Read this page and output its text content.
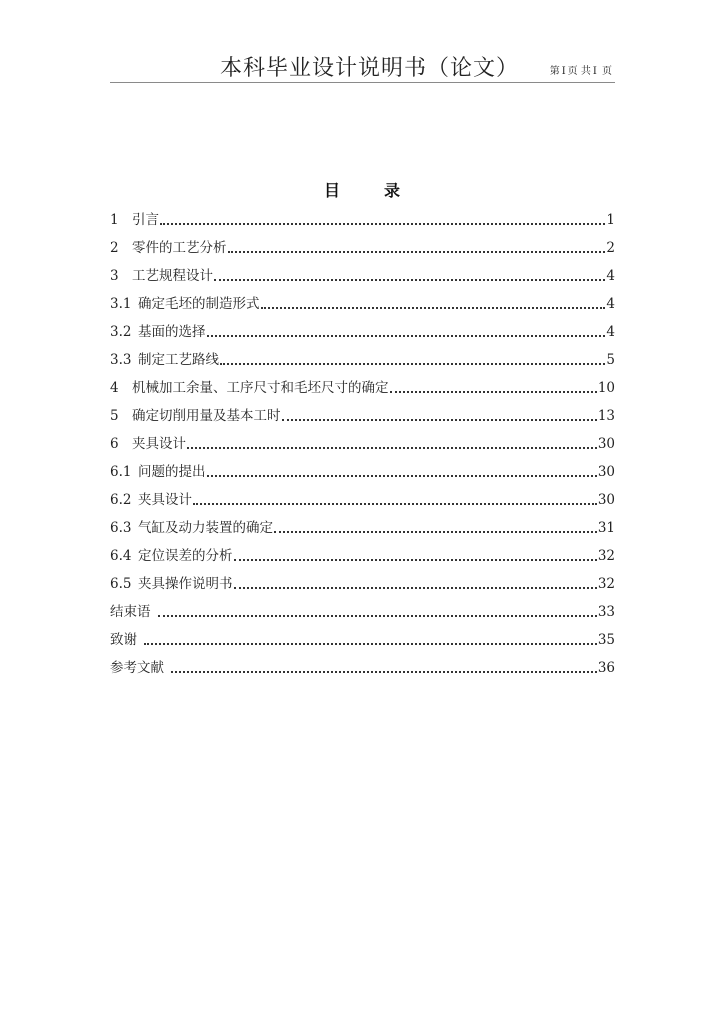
本科毕业设计说明书（论文）	第 Ⅰ 页 共 Ⅰ 页
目	录
1 引言	1
2 零件的工艺分析	2
3 工艺规程设计	4
3.1 确定毛坯的制造形式	4
3.2 基面的选择	4
3.3 制定工艺路线	5
4 机械加工余量、工序尺寸和毛坯尺寸的确定	10
5 确定切削用量及基本工时	13
6 夹具设计	30
6.1 问题的提出	30
6.2 夹具设计	30
6.3 气缸及动力装置的确定	31
6.4 定位误差的分析	32
6.5 夹具操作说明书	32
结束语	33
致谢	35
参考文献	36
